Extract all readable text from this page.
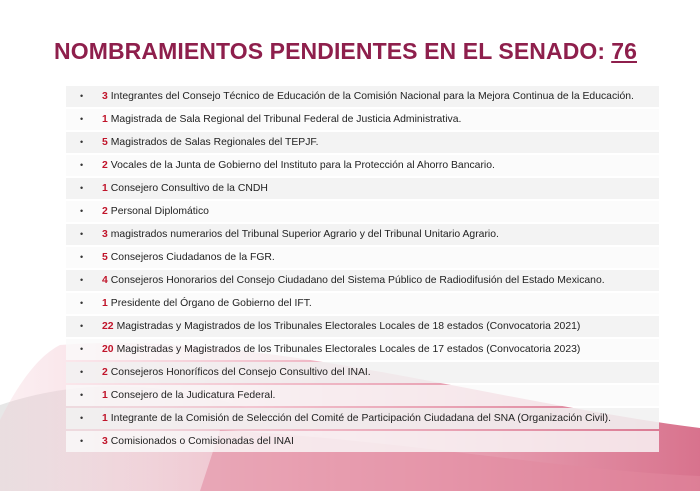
NOMBRAMIENTOS PENDIENTES EN EL SENADO: 76
• 3 Integrantes del Consejo Técnico de Educación de la Comisión Nacional para la Mejora Continua de la Educación.
• 1 Magistrada de Sala Regional del Tribunal Federal de Justicia Administrativa.
• 5 Magistrados de Salas Regionales del TEPJF.
• 2 Vocales de la Junta de Gobierno del Instituto para la Protección al Ahorro Bancario.
• 1 Consejero Consultivo de la CNDH
• 2 Personal Diplomático
• 3 magistrados numerarios del Tribunal Superior Agrario y del Tribunal Unitario Agrario.
• 5 Consejeros Ciudadanos de la FGR.
• 4 Consejeros Honorarios del Consejo Ciudadano del Sistema Público de Radiodifusión del Estado Mexicano.
• 1 Presidente del Órgano de Gobierno del IFT.
• 22 Magistradas y Magistrados de los Tribunales Electorales Locales de 18 estados (Convocatoria 2021)
• 20 Magistradas y Magistrados de los Tribunales Electorales Locales de 17 estados (Convocatoria 2023)
• 2 Consejeros Honoríficos del Consejo Consultivo del INAI.
• 1 Consejero de la Judicatura Federal.
• 1 Integrante de la Comisión de Selección del Comité de Participación Ciudadana del SNA (Organización Civil).
• 3 Comisionados o Comisionadas del INAI
